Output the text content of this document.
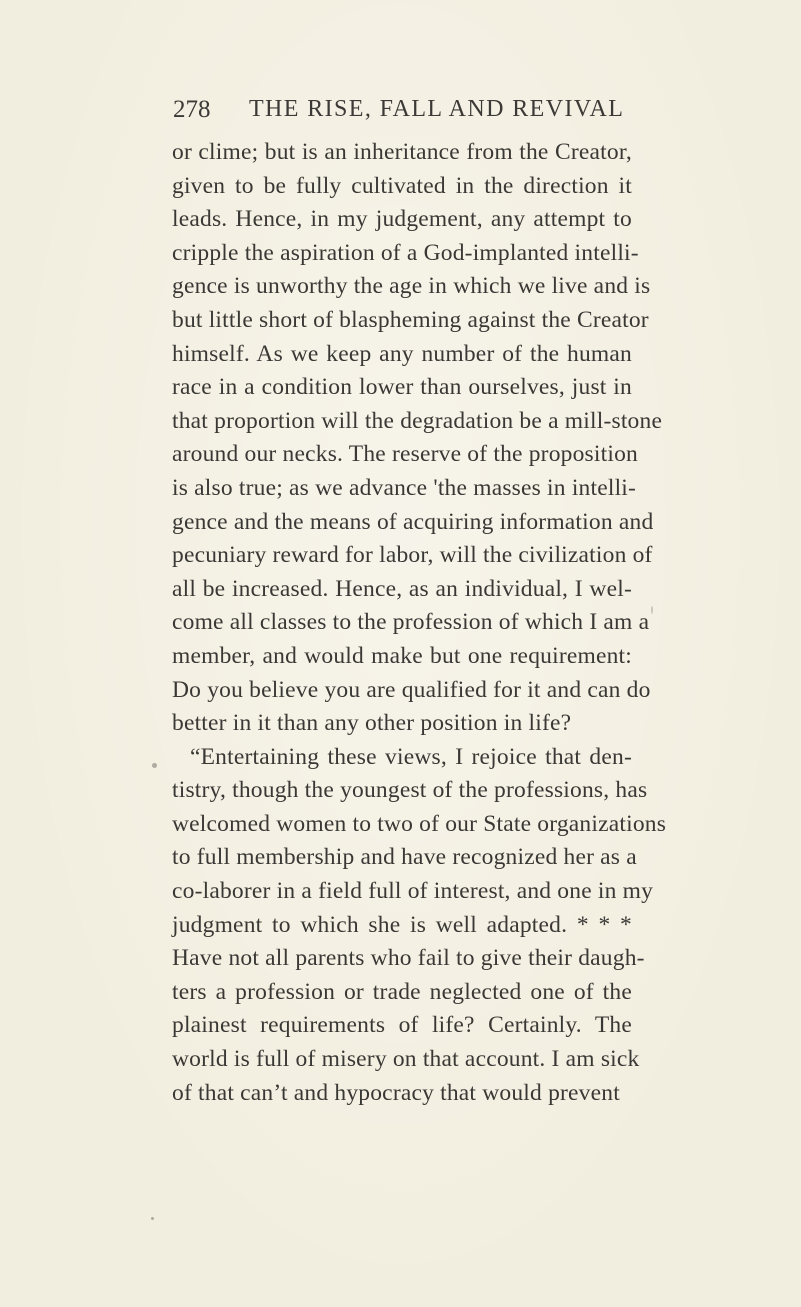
278 THE RISE, FALL AND REVIVAL
or clime; but is an inheritance from the Creator,
given to be fully cultivated in the direction it
leads. Hence, in my judgement, any attempt to
cripple the aspiration of a God-implanted intelli-
gence is unworthy the age in which we live and is
but little short of blaspheming against the Creator
himself. As we keep any number of the human
race in a condition lower than ourselves, just in
that proportion will the degradation be a mill-stone
around our necks. The reserve of the proposition
is also true; as we advance 'the masses in intelli-
gence and the means of acquiring information and
pecuniary reward for labor, will the civilization of
all be increased. Hence, as an individual, I wel-
come all classes to the profession of which I am a
member, and would make but one requirement:
Do you believe you are qualified for it and can do
better in it than any other position in life?
“Entertaining these views, I rejoice that den-
tistry, though the youngest of the professions, has
welcomed women to two of our State organizations
to full membership and have recognized her as a
co-laborer in a field full of interest, and one in my
judgment to which she is well adapted. * * *
Have not all parents who fail to give their daugh-
ters a profession or trade neglected one of the
plainest requirements of life? Certainly. The
world is full of misery on that account. I am sick
of that can’t and hypocracy that would prevent
